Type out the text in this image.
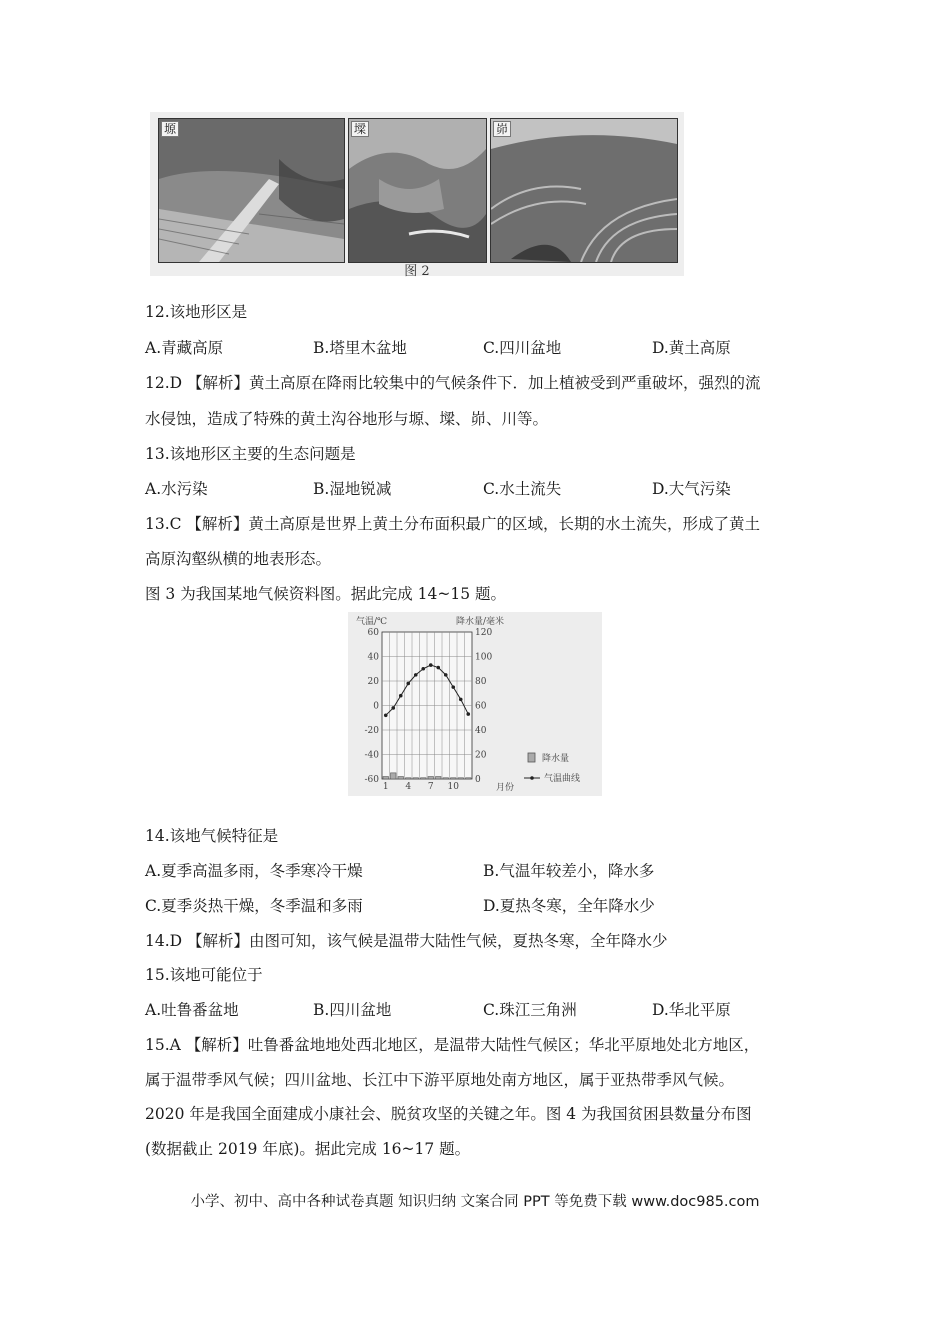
塬	墚	峁
图 2
12.该地形区是
A.青藏高原	B.塔里木盆地	C.四川盆地	D.黄土高原
12.D 【解析】黄土高原在降雨比较集中的气候条件下．加上植被受到严重破坏，强烈的流
水侵蚀，造成了特殊的黄土沟谷地形与塬、墚、峁、川等。
13.该地形区主要的生态问题是
A.水污染	B.湿地锐减	C.水土流失	D.大气污染
13.C 【解析】黄土高原是世界上黄土分布面积最广的区域，长期的水土流失，形成了黄土
高原沟壑纵横的地表形态。
图 3 为我国某地气候资料图。据此完成 14~15 题。
气温/℃	降水量/毫米
60
40
20
0
-20
-40
-60
120
100
80
60
40
20
0
1 4 7 10	月份
降水量
气温曲线
14.该地气候特征是
A.夏季高温多雨，冬季寒冷干燥	B.气温年较差小，降水多
C.夏季炎热干燥，冬季温和多雨	D.夏热冬寒，全年降水少
14.D 【解析】由图可知，该气候是温带大陆性气候，夏热冬寒，全年降水少
15.该地可能位于
A.吐鲁番盆地	B.四川盆地	C.珠江三角洲	D.华北平原
15.A 【解析】吐鲁番盆地地处西北地区，是温带大陆性气候区；华北平原地处北方地区，
属于温带季风气候；四川盆地、长江中下游平原地处南方地区，属于亚热带季风气候。
2020 年是我国全面建成小康社会、脱贫攻坚的关键之年。图 4 为我国贫困县数量分布图
(数据截止 2019 年底)。据此完成 16~17 题。
小学、初中、高中各种试卷真题 知识归纳 文案合同 PPT 等免费下载 www.doc985.com
